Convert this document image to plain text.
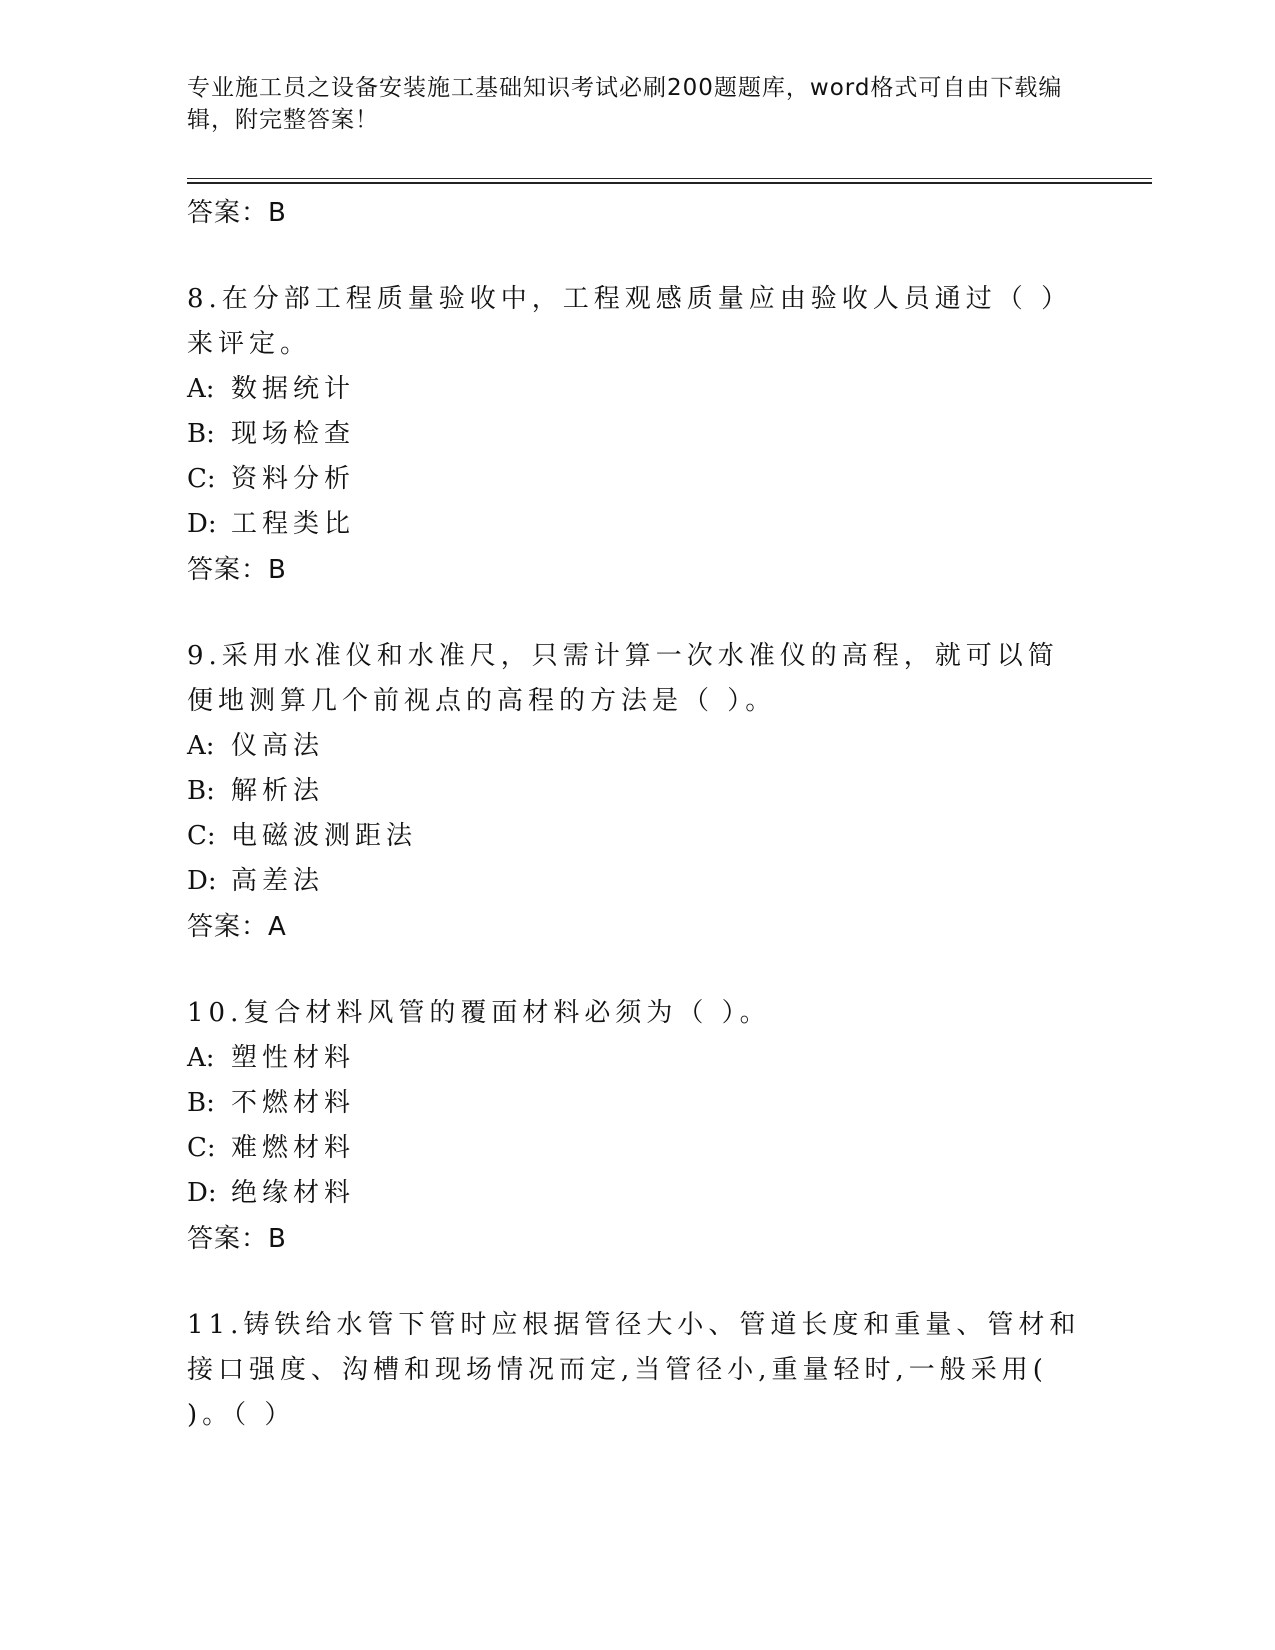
专业施工员之设备安装施工基础知识考试必刷200题题库，word格式可自由下载编辑，附完整答案！

答案：B

8.在分部工程质量验收中，工程观感质量应由验收人员通过（ ）来评定。

A: 数据统计

B: 现场检查

C: 资料分析

D: 工程类比

答案：B

9.采用水准仪和水准尺，只需计算一次水准仪的高程，就可以简便地测算几个前视点的高程的方法是（ ）。

A: 仪高法

B: 解析法

C: 电磁波测距法

D: 高差法

答案：A

10.复合材料风管的覆面材料必须为（ ）。

A: 塑性材料

B: 不燃材料

C: 难燃材料

D: 绝缘材料

答案：B

11.铸铁给水管下管时应根据管径大小、管道长度和重量、管材和接口强度、沟槽和现场情况而定,当管径小,重量轻时,一般采用( )。（ ）
